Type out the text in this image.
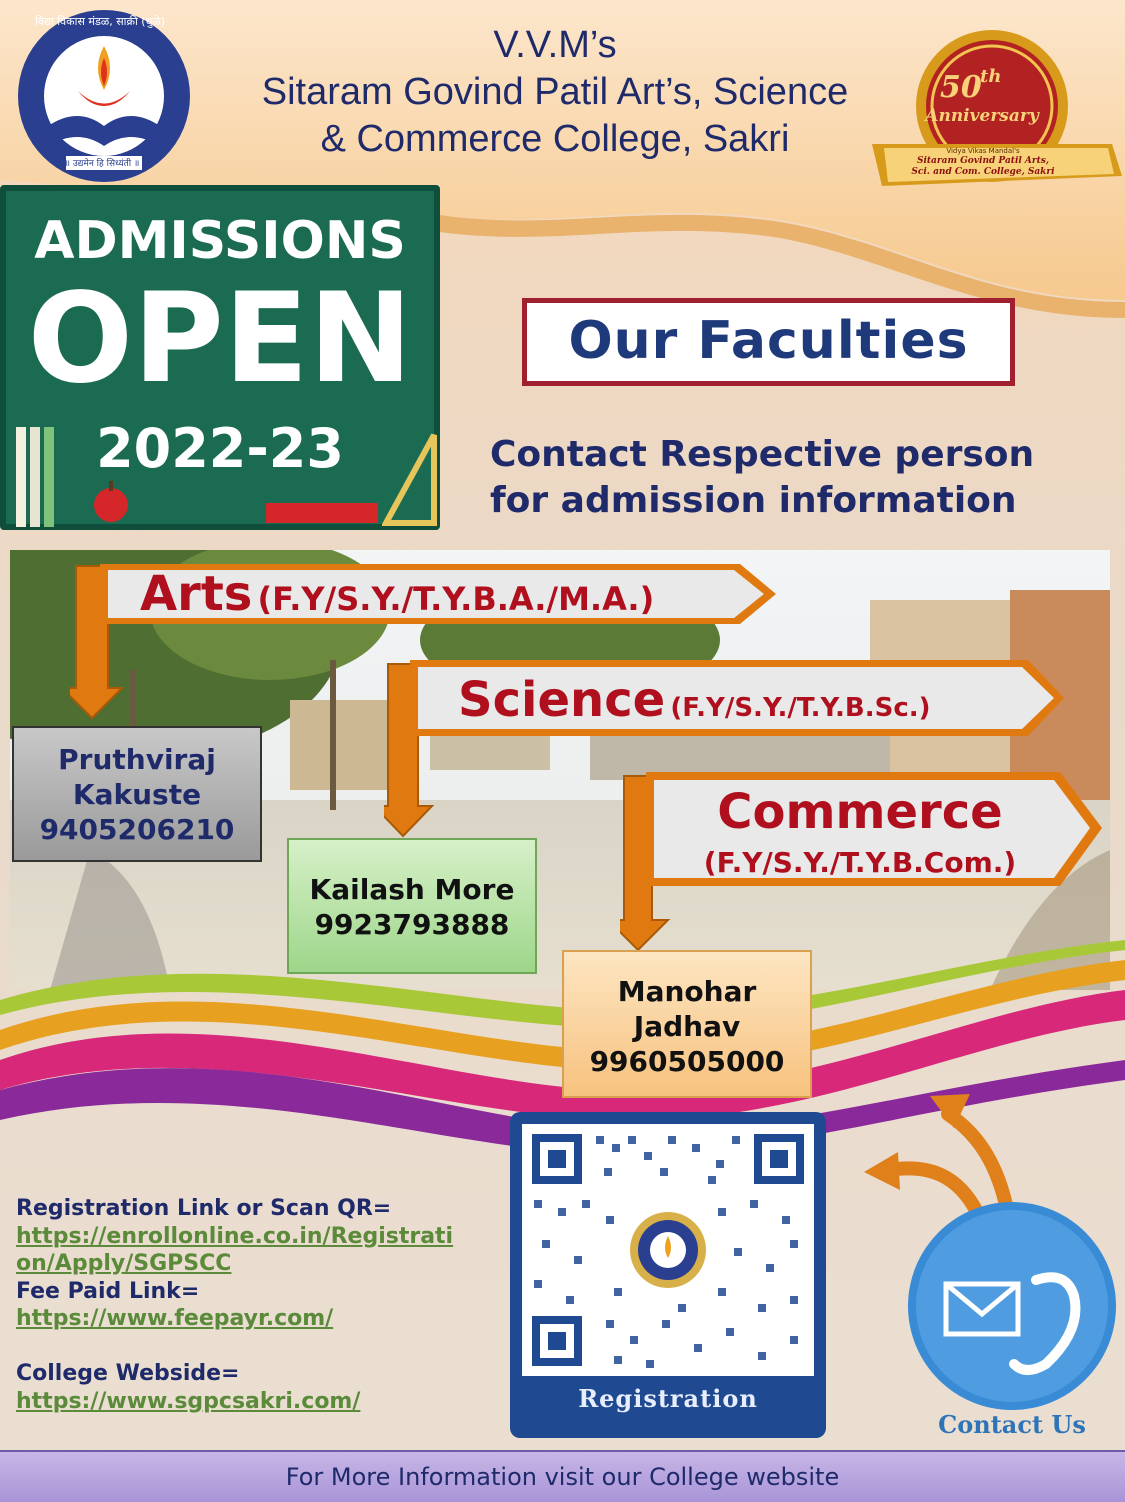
॥ उद्यमेन हि सिध्यंती ॥
विद्या विकास मंडळ, साक्री (धुळे)
V.V.M’s
Sitaram Govind Patil Art’s, Science
& Commerce College, Sakri
50
th
Anniversary
Vidya Vikas Mandal's
Sitaram Govind Patil Arts,
Sci. and Com. College, Sakri
ADMISSIONS
OPEN
2022-23
Our Faculties
Contact Respective person
for admission information
Arts (F.Y/S.Y./T.Y.B.A./M.A.)
Science (F.Y/S.Y./T.Y.B.Sc.)
Commerce
(F.Y/S.Y./T.Y.B.Com.)
Pruthviraj
Kakuste
9405206210
Kailash More
9923793888
Manohar
Jadhav
9960505000
Registration Link or Scan QR=
https://enrollonline.co.in/Registrati
on/Apply/SGPSCC
Fee Paid Link=
https://www.feepayr.com/
College Webside=
https://www.sgpcsakri.com/	Registration
Contact Us
For More Information visit our College website
